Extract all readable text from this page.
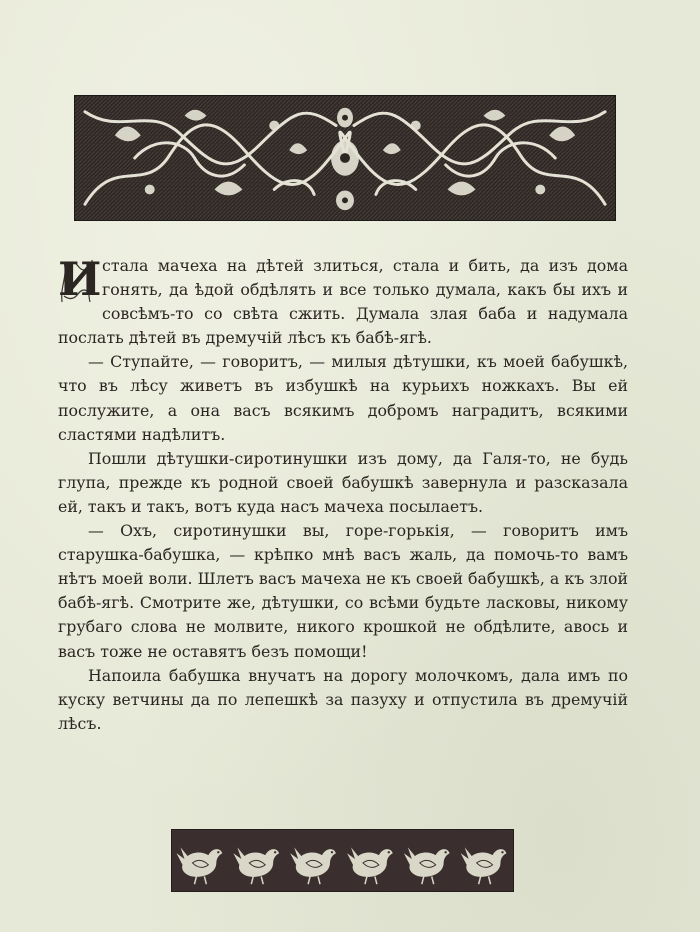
И стала мачеха на дѣтей злиться, стала и бить, да изъ дома гонять, да ѣдой обдѣлять и все только думала, какъ бы ихъ и совсѣмъ-то со свѣта сжить. Думала злая баба и надумала послать дѣтей въ дремучій лѣсъ къ бабѣ-ягѣ.

— Ступайте, — говоритъ, — милыя дѣтушки, къ моей бабушкѣ, что въ лѣсу живетъ въ избушкѣ на курьихъ ножкахъ. Вы ей послужите, а она васъ всякимъ добромъ наградитъ, всякими сластями надѣлитъ.

Пошли дѣтушки-сиротинушки изъ дому, да Галя-то, не будь глупа, прежде къ родной своей бабушкѣ завернула и разсказала ей, такъ и такъ, вотъ куда насъ мачеха посылаетъ.

— Охъ, сиротинушки вы, горе-горькія, — говоритъ имъ старушка-бабушка, — крѣпко мнѣ васъ жаль, да помочь-то вамъ нѣтъ моей воли. Шлетъ васъ мачеха не къ своей бабушкѣ, а къ злой бабѣ-ягѣ. Смотрите же, дѣтушки, со всѣми будьте ласковы, никому грубаго слова не молвите, никого крошкой не обдѣлите, авось и васъ тоже не оставятъ безъ помощи!

Напоила бабушка внучатъ на дорогу молочкомъ, дала имъ по куску ветчины да по лепешкѣ за пазуху и отпустила въ дремучій лѣсъ.
